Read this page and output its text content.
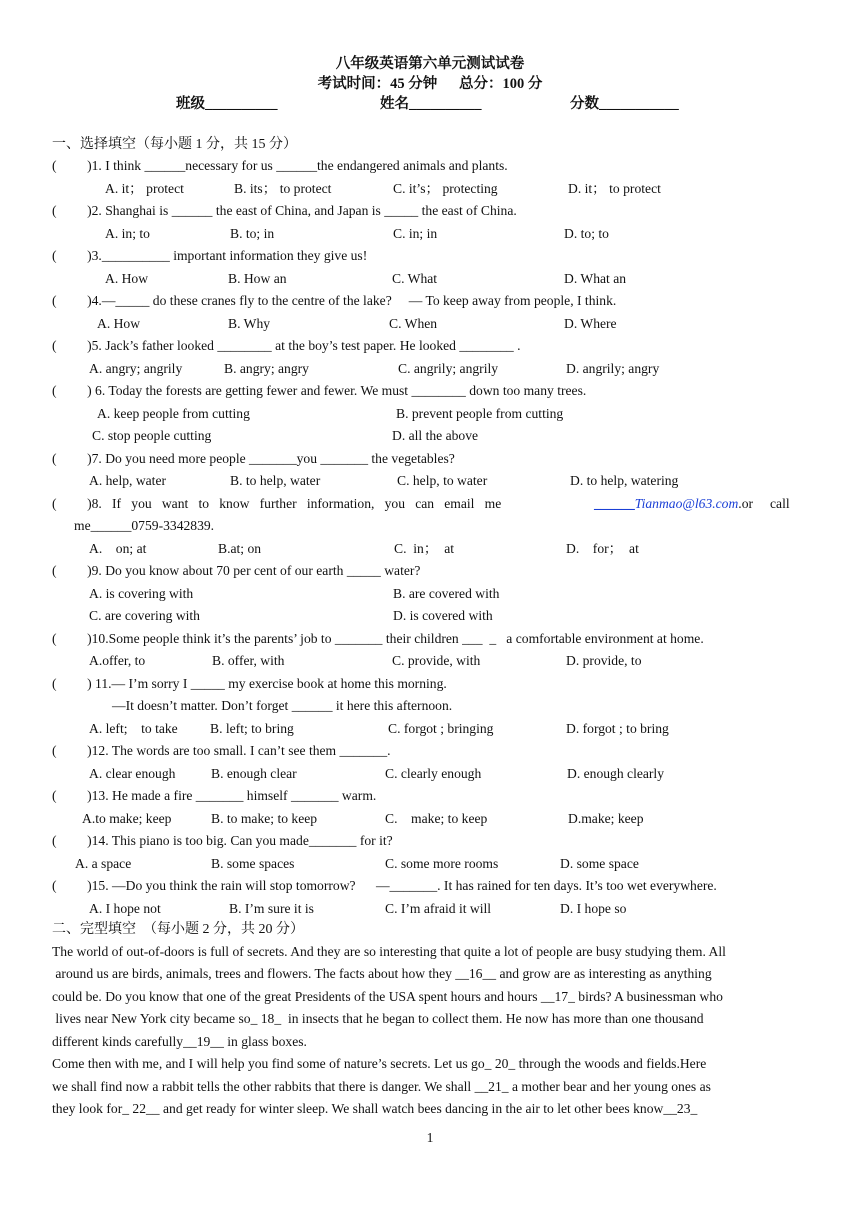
八年级英语第六单元测试试卷
考试时间：45 分钟      总分：100 分
班级__________	姓名__________	分数___________
一、选择填空（每小题 1 分，共 15 分）
(         )1. I think ______necessary for us ______the endangered animals and plants.
A. it； protect	B. its； to protect	C. it’s； protecting	D. it； to protect
(         )2. Shanghai is ______ the east of China, and Japan is _____ the east of China.
A. in; to	B. to; in	C. in; in	D. to; to
(         )3.__________ important information they give us!
A. How	B. How an	C. What	D. What an
(         )4.—_____ do these cranes fly to the centre of the lake?     — To keep away from people, I think.
A. How	B. Why	C. When	D. Where
(         )5. Jack’s father looked ________ at the boy’s test paper. He looked ________ .
A. angry; angrily	B. angry; angry	C. angrily; angrily	D. angrily; angry
(         ) 6. Today the forests are getting fewer and fewer. We must ________ down too many trees.
A. keep people from cutting	B. prevent people from cutting
C. stop people cutting	D. all the above
(         )7. Do you need more people _______you _______ the vegetables?
A. help, water	B. to help, water	C. help, to water	D. to help, watering
(         )8.   If   you   want   to   know   further   information,   you   can   email   me	______Tianmao@l63.com.or     call
me______0759-3342839.
A.    on; at	B.at; on	C.  in；  at	D.    for；  at
(         )9. Do you know about 70 per cent of our earth _____ water?
A. is covering with	B. are covered with
C. are covering with	D. is covered with
(         )10.Some people think it’s the parents’ job to _______ their children ___  _   a comfortable environment at home.
A.offer, to	B. offer, with	C. provide, with	D. provide, to
(         ) 11.— I’m sorry I _____ my exercise book at home this morning.
—It doesn’t matter. Don’t forget ______ it here this afternoon.
A. left;    to take B. left; to bring	C. forgot ; bringing	D. forgot ; to bring
(         )12. The words are too small. I can’t see them _______.
A. clear enough	B. enough clear	C. clearly enough	D. enough clearly
(         )13. He made a fire _______ himself _______ warm.
A.to make; keep	B. to make; to keep	C.    make; to keep	D.make; keep
(         )14. This piano is too big. Can you made_______ for it?
A. a space	B. some spaces	C. some more rooms	D. some space
(         )15. —Do you think the rain will stop tomorrow?      —_______. It has rained for ten days. It’s too wet everywhere.
A. I hope not	B. I’m sure it is	C. I’m afraid it will	D. I hope so
二、完型填空  （每小题 2 分，共 20 分）
The world of out-of-doors is full of secrets. And they are so interesting that quite a lot of people are busy studying them. All
around us are birds, animals, trees and flowers. The facts about how they __16__ and grow are as interesting as anything
could be. Do you know that one of the great Presidents of the USA spent hours and hours __17_ birds? A businessman who
lives near New York city became so_ 18_  in insects that he began to collect them. He now has more than one thousand
different kinds carefully__19__ in glass boxes.
Come then with me, and I will help you find some of nature’s secrets. Let us go_ 20_ through the woods and fields.Here
we shall find now a rabbit tells the other rabbits that there is danger. We shall __21_ a mother bear and her young ones as
they look for_ 22__ and get ready for winter sleep. We shall watch bees dancing in the air to let other bees know__23_
1
